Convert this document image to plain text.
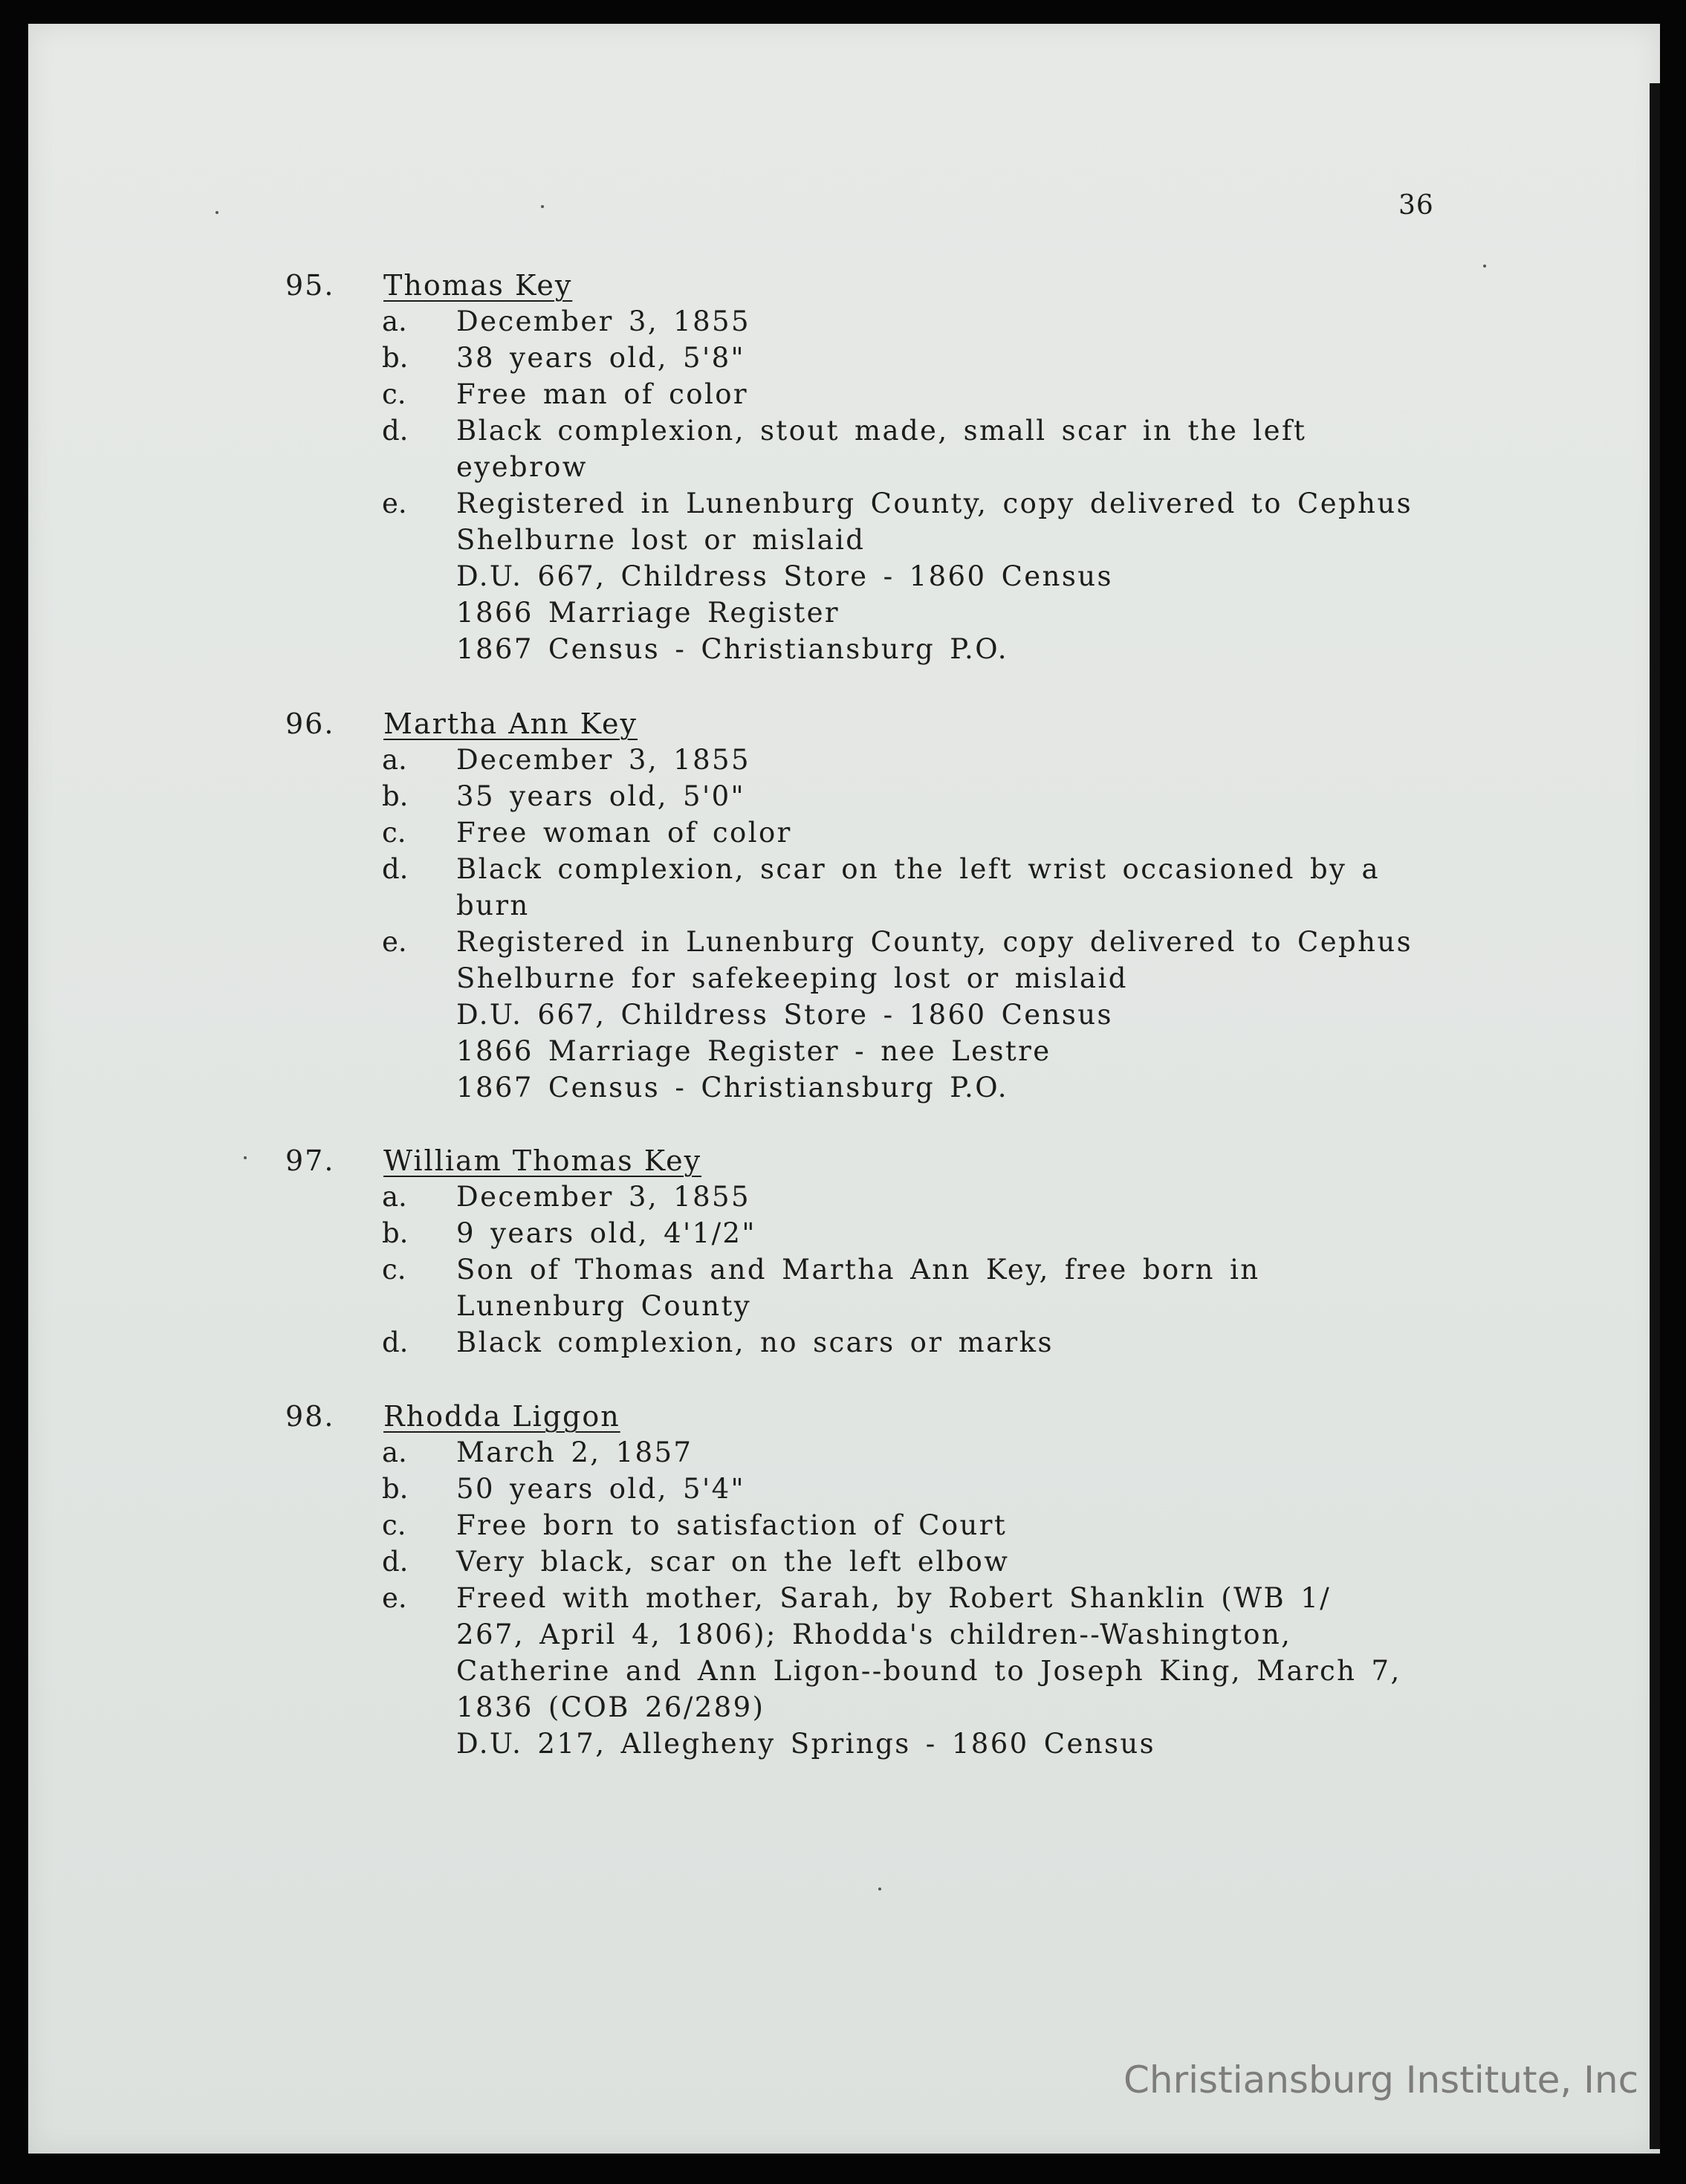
36
95. Thomas Key
a. December 3, 1855
b. 38 years old, 5'8"
c. Free man of color
d. Black complexion, stout made, small scar in the left
eyebrow
e. Registered in Lunenburg County, copy delivered to Cephus
Shelburne lost or mislaid
D.U. 667, Childress Store - 1860 Census
1866 Marriage Register
1867 Census - Christiansburg P.O.
96. Martha Ann Key
a. December 3, 1855
b. 35 years old, 5'0"
c. Free woman of color
d. Black complexion, scar on the left wrist occasioned by a
burn
e. Registered in Lunenburg County, copy delivered to Cephus
Shelburne for safekeeping lost or mislaid
D.U. 667, Childress Store - 1860 Census
1866 Marriage Register - nee Lestre
1867 Census - Christiansburg P.O.
97. William Thomas Key
a. December 3, 1855
b. 9 years old, 4'1/2"
c. Son of Thomas and Martha Ann Key, free born in
Lunenburg County
d. Black complexion, no scars or marks
98. Rhodda Liggon
a. March 2, 1857
b. 50 years old, 5'4"
c. Free born to satisfaction of Court
d. Very black, scar on the left elbow
e. Freed with mother, Sarah, by Robert Shanklin (WB 1/
267, April 4, 1806); Rhodda's children--Washington,
Catherine and Ann Ligon--bound to Joseph King, March 7,
1836 (COB 26/289)
D.U. 217, Allegheny Springs - 1860 Census
Christiansburg Institute, Inc
